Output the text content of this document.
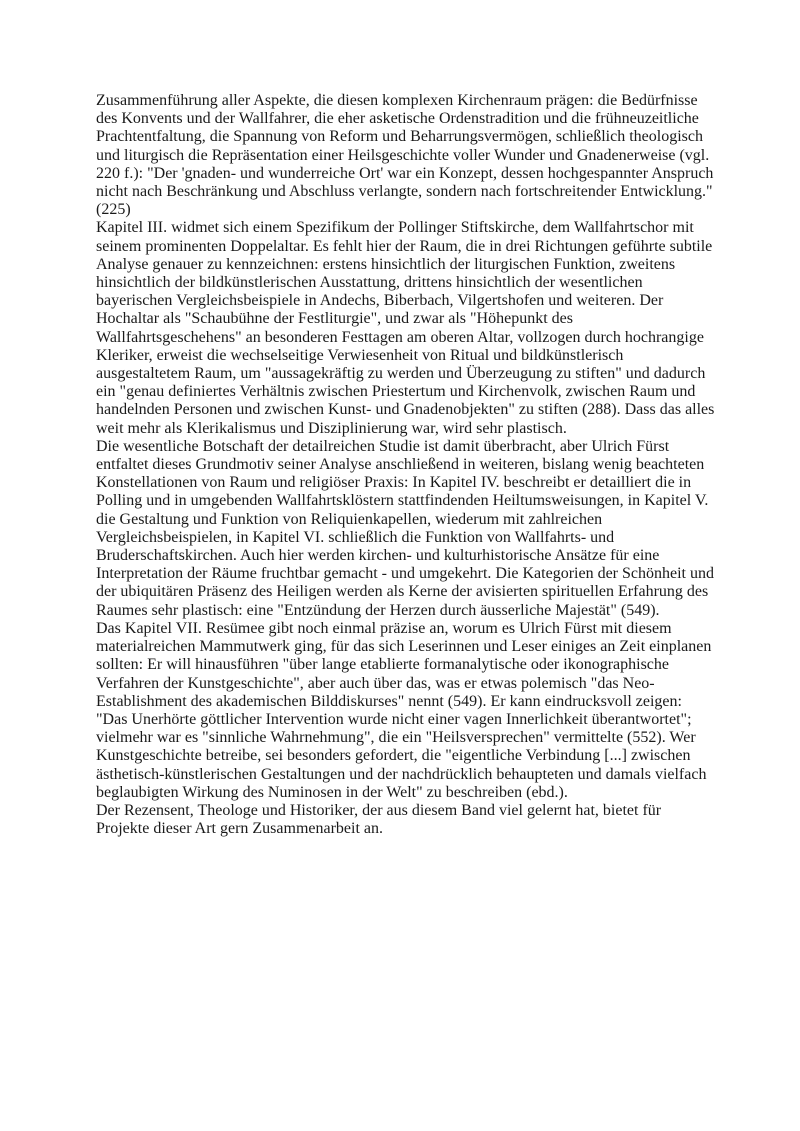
Zusammenführung aller Aspekte, die diesen komplexen Kirchenraum prägen: die Bedürfnisse des Konvents und der Wallfahrer, die eher asketische Ordenstradition und die frühneuzeitliche Prachtentfaltung, die Spannung von Reform und Beharrungsvermögen, schließlich theologisch und liturgisch die Repräsentation einer Heilsgeschichte voller Wunder und Gnadenerweise (vgl. 220 f.): "Der 'gnaden- und wunderreiche Ort' war ein Konzept, dessen hochgespannter Anspruch nicht nach Beschränkung und Abschluss verlangte, sondern nach fortschreitender Entwicklung." (225)

Kapitel III. widmet sich einem Spezifikum der Pollinger Stiftskirche, dem Wallfahrtschor mit seinem prominenten Doppelaltar. Es fehlt hier der Raum, die in drei Richtungen geführte subtile Analyse genauer zu kennzeichnen: erstens hinsichtlich der liturgischen Funktion, zweitens hinsichtlich der bildkünstlerischen Ausstattung, drittens hinsichtlich der wesentlichen bayerischen Vergleichsbeispiele in Andechs, Biberbach, Vilgertshofen und weiteren. Der Hochaltar als "Schaubühne der Festliturgie", und zwar als "Höhepunkt des Wallfahrtsgeschehens" an besonderen Festtagen am oberen Altar, vollzogen durch hochrangige Kleriker, erweist die wechselseitige Verwiesenheit von Ritual und bildkünstlerisch ausgestaltetem Raum, um "aussagekräftig zu werden und Überzeugung zu stiften" und dadurch ein "genau definiertes Verhältnis zwischen Priestertum und Kirchenvolk, zwischen Raum und handelnden Personen und zwischen Kunst- und Gnadenobjekten" zu stiften (288). Dass das alles weit mehr als Klerikalismus und Disziplinierung war, wird sehr plastisch.

Die wesentliche Botschaft der detailreichen Studie ist damit überbracht, aber Ulrich Fürst entfaltet dieses Grundmotiv seiner Analyse anschließend in weiteren, bislang wenig beachteten Konstellationen von Raum und religiöser Praxis: In Kapitel IV. beschreibt er detailliert die in Polling und in umgebenden Wallfahrtsklöstern stattfindenden Heiltumsweisungen, in Kapitel V. die Gestaltung und Funktion von Reliquienkapellen, wiederum mit zahlreichen Vergleichsbeispielen, in Kapitel VI. schließlich die Funktion von Wallfahrts- und Bruderschaftskirchen. Auch hier werden kirchen- und kulturhistorische Ansätze für eine Interpretation der Räume fruchtbar gemacht - und umgekehrt. Die Kategorien der Schönheit und der ubiquitären Präsenz des Heiligen werden als Kerne der avisierten spirituellen Erfahrung des Raumes sehr plastisch: eine "Entzündung der Herzen durch äusserliche Majestät" (549).

Das Kapitel VII. Resümee gibt noch einmal präzise an, worum es Ulrich Fürst mit diesem materialreichen Mammutwerk ging, für das sich Leserinnen und Leser einiges an Zeit einplanen sollten: Er will hinausführen "über lange etablierte formanalytische oder ikonographische Verfahren der Kunstgeschichte", aber auch über das, was er etwas polemisch "das Neo-Establishment des akademischen Bilddiskurses" nennt (549). Er kann eindrucksvoll zeigen: "Das Unerhörte göttlicher Intervention wurde nicht einer vagen Innerlichkeit überantwortet"; vielmehr war es "sinnliche Wahrnehmung", die ein "Heilsversprechen" vermittelte (552). Wer Kunstgeschichte betreibe, sei besonders gefordert, die "eigentliche Verbindung [...] zwischen ästhetisch-künstlerischen Gestaltungen und der nachdrücklich behaupteten und damals vielfach beglaubigten Wirkung des Numinosen in der Welt" zu beschreiben (ebd.).

Der Rezensent, Theologe und Historiker, der aus diesem Band viel gelernt hat, bietet für Projekte dieser Art gern Zusammenarbeit an.
